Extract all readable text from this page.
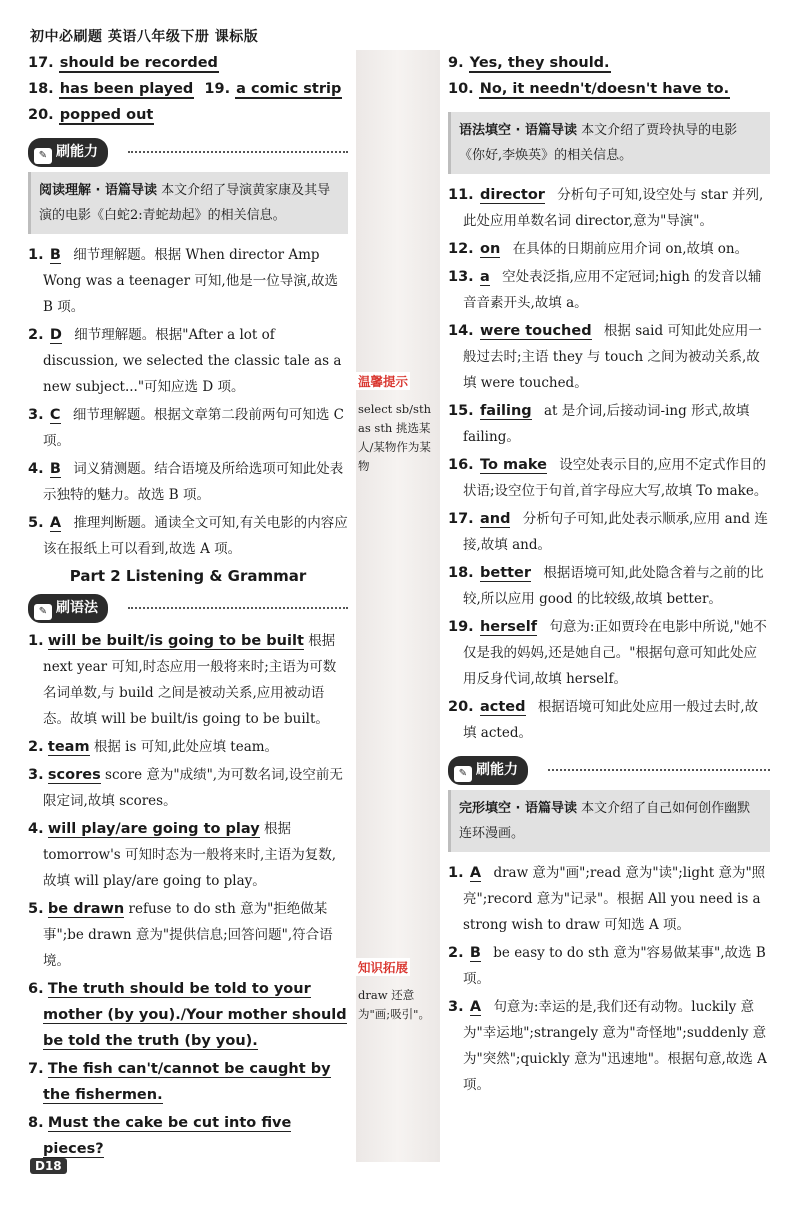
初中必刷题 英语八年级下册 课标版
温馨提示
select sb/sth as sth 挑选某人/某物作为某物
知识拓展
draw 还意为"画;吸引"。
17. should be recorded
18. has been played 19. a comic strip
20. popped out
✎ 刷能力
阅读理解 · 语篇导读 本文介绍了导演黄家康及其导演的电影《白蛇2:青蛇劫起》的相关信息。
1. B 细节理解题。根据 When director Amp Wong was a teenager 可知,他是一位导演,故选 B 项。
2. D 细节理解题。根据"After a lot of discussion, we selected the classic tale as a new subject..."可知应选 D 项。
3. C 细节理解题。根据文章第二段前两句可知选 C 项。
4. B 词义猜测题。结合语境及所给选项可知此处表示独特的魅力。故选 B 项。
5. A 推理判断题。通读全文可知,有关电影的内容应该在报纸上可以看到,故选 A 项。
Part 2 Listening & Grammar
✎ 刷语法
1. will be built/is going to be built 根据 next year 可知,时态应用一般将来时;主语为可数名词单数,与 build 之间是被动关系,应用被动语态。故填 will be built/is going to be built。
2. team 根据 is 可知,此处应填 team。
3. scores score 意为"成绩",为可数名词,设空前无限定词,故填 scores。
4. will play/are going to play 根据 tomorrow's 可知时态为一般将来时,主语为复数,故填 will play/are going to play。
5. be drawn refuse to do sth 意为"拒绝做某事";be drawn 意为"提供信息;回答问题",符合语境。
6. The truth should be told to your mother (by you)./Your mother should be told the truth (by you).
7. The fish can't/cannot be caught by the fishermen.
8. Must the cake be cut into five pieces?
9. Yes, they should.
10. No, it needn't/doesn't have to.
语法填空 · 语篇导读 本文介绍了贾玲执导的电影《你好,李焕英》的相关信息。
11. director 分析句子可知,设空处与 star 并列,此处应用单数名词 director,意为"导演"。
12. on 在具体的日期前应用介词 on,故填 on。
13. a 空处表泛指,应用不定冠词;high 的发音以辅音音素开头,故填 a。
14. were touched 根据 said 可知此处应用一般过去时;主语 they 与 touch 之间为被动关系,故填 were touched。
15. failing at 是介词,后接动词-ing 形式,故填 failing。
16. To make 设空处表示目的,应用不定式作目的状语;设空位于句首,首字母应大写,故填 To make。
17. and 分析句子可知,此处表示顺承,应用 and 连接,故填 and。
18. better 根据语境可知,此处隐含着与之前的比较,所以应用 good 的比较级,故填 better。
19. herself 句意为:正如贾玲在电影中所说,"她不仅是我的妈妈,还是她自己。"根据句意可知此处应用反身代词,故填 herself。
20. acted 根据语境可知此处应用一般过去时,故填 acted。
✎ 刷能力
完形填空 · 语篇导读 本文介绍了自己如何创作幽默连环漫画。
1. A draw 意为"画";read 意为"读";light 意为"照亮";record 意为"记录"。根据 All you need is a strong wish to draw 可知选 A 项。
2. B be easy to do sth 意为"容易做某事",故选 B 项。
3. A 句意为:幸运的是,我们还有动物。luckily 意为"幸运地";strangely 意为"奇怪地";suddenly 意为"突然";quickly 意为"迅速地"。根据句意,故选 A 项。
D18
